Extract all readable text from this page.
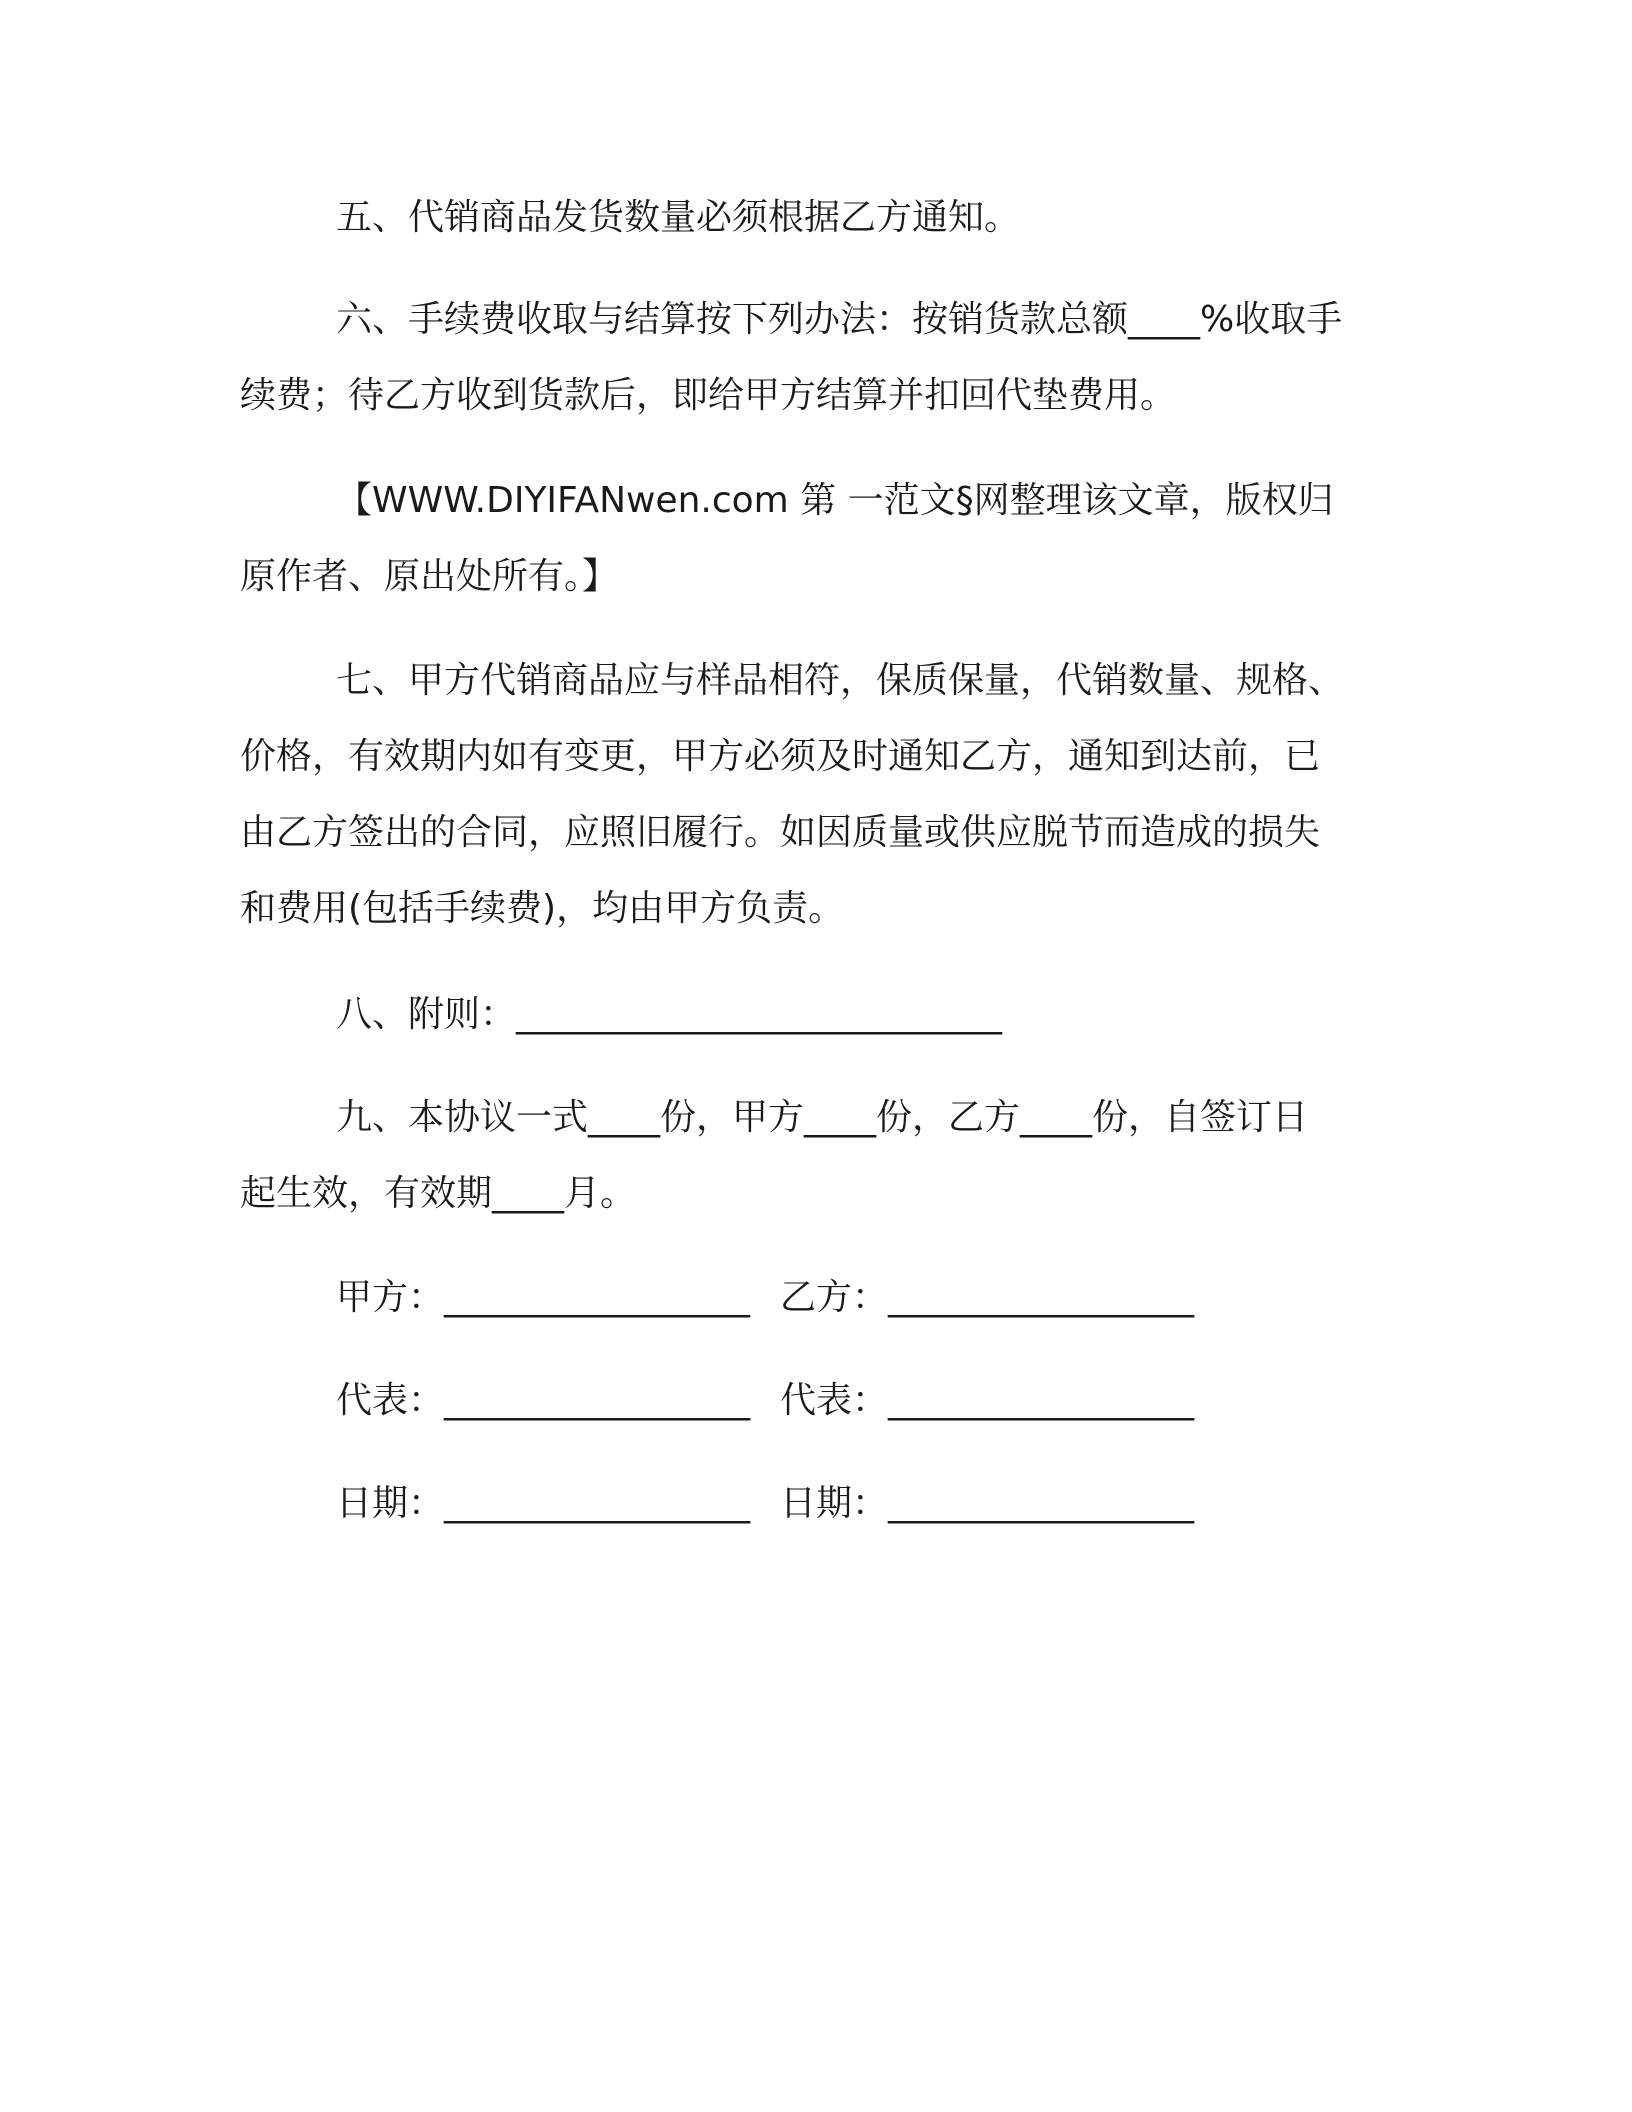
五、代销商品发货数量必须根据乙方通知。

六、手续费收取与结算按下列办法：按销货款总额____%收取手
续费；待乙方收到货款后，即给甲方结算并扣回代垫费用。

【WWW.DIYIFANwen.com 第 一范文§网整理该文章，版权归
原作者、原出处所有。】

七、甲方代销商品应与样品相符，保质保量，代销数量、规格、
价格，有效期内如有变更，甲方必须及时通知乙方，通知到达前，已
由乙方签出的合同，应照旧履行。如因质量或供应脱节而造成的损失
和费用(包括手续费)，均由甲方负责。

八、附则：___________________________

九、本协议一式____份，甲方____份，乙方____份，自签订日
起生效，有效期____月。

甲方：_________________ 乙方：_________________

代表：_________________ 代表：_________________

日期：_________________ 日期：_________________
